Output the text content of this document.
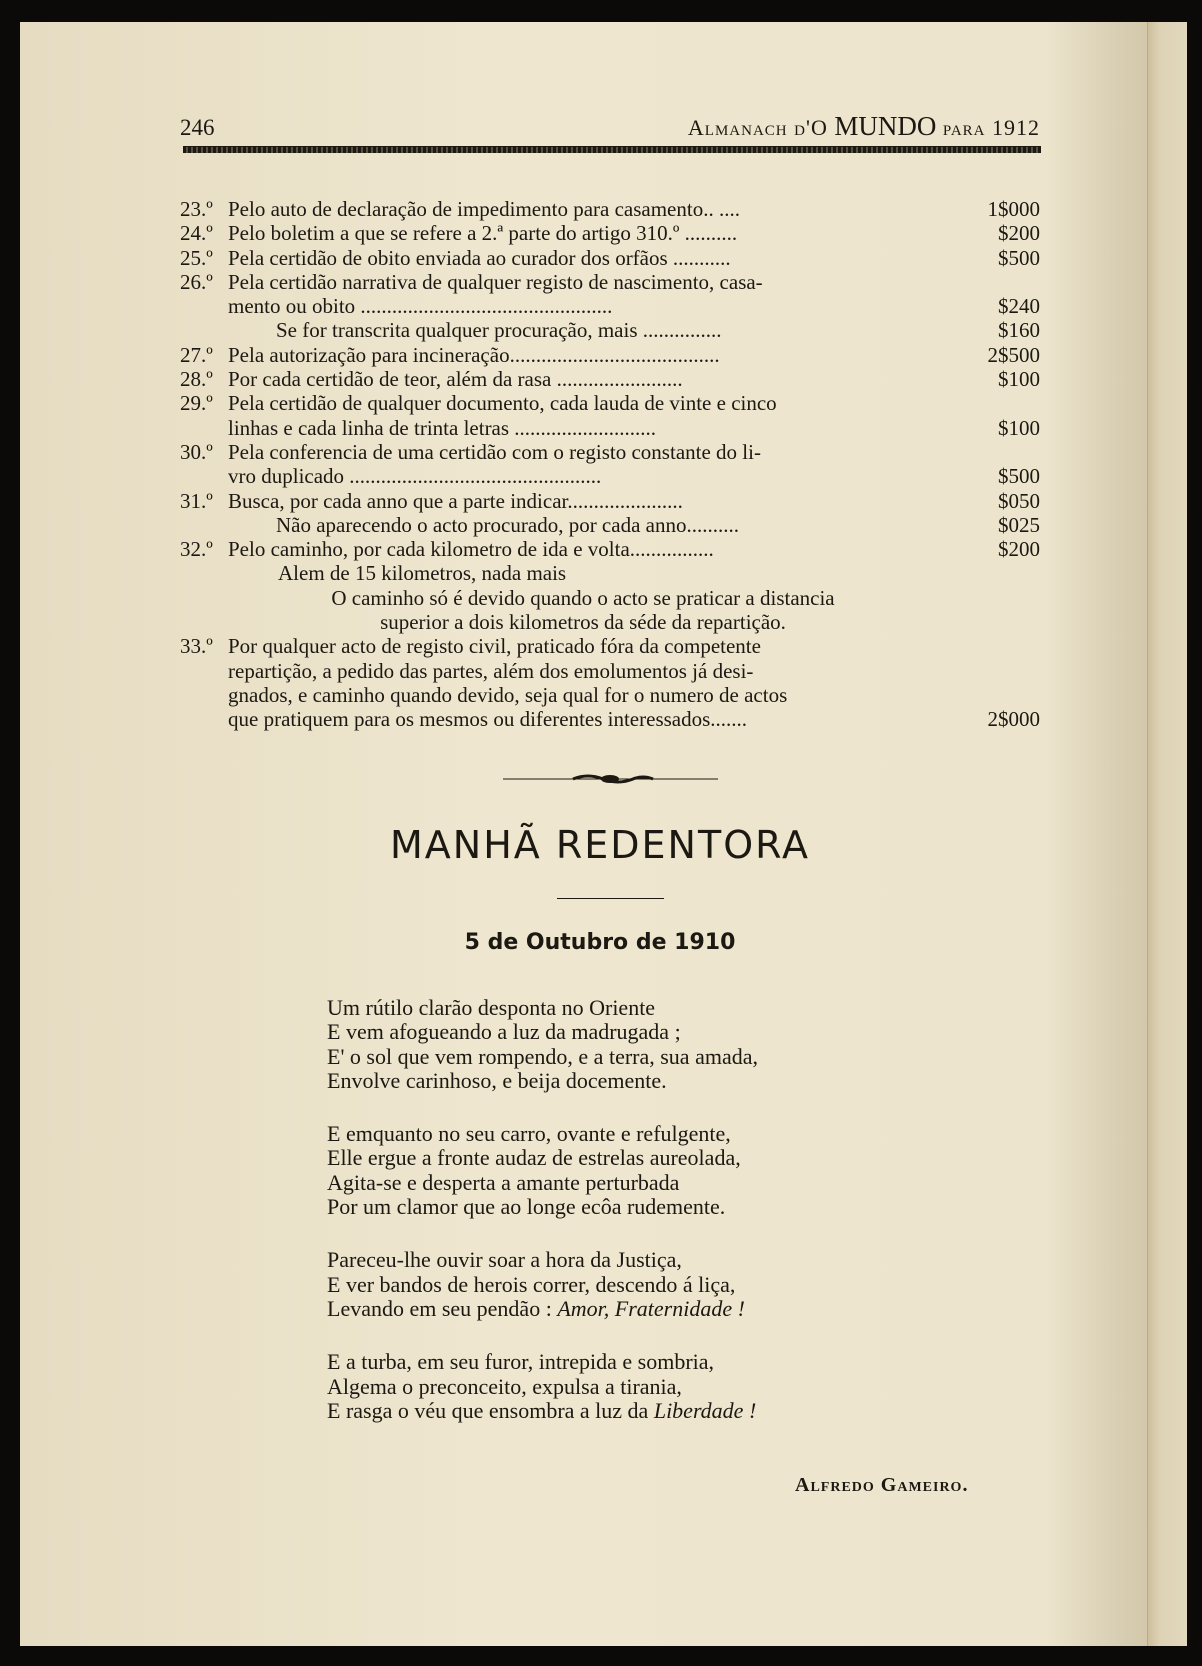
246	Almanach d'O MUNDO para 1912
23.º Pelo auto de declaração de impedimento para casamento.. ....	1$000
24.º Pelo boletim a que se refere a 2.ª parte do artigo 310.º ..........	$200
25.º Pela certidão de obito enviada ao curador dos orfãos ...........	$500
26.º Pela certidão narrativa de qualquer registo de nascimento, casa-
mento ou obito ................................................	$240
Se for transcrita qualquer procuração, mais ...............	$160
27.º Pela autorização para incineração........................................	2$500
28.º Por cada certidão de teor, além da rasa ........................	$100
29.º Pela certidão de qualquer documento, cada lauda de vinte e cinco
linhas e cada linha de trinta letras ...........................	$100
30.º Pela conferencia de uma certidão com o registo constante do li-
vro duplicado ................................................	$500
31.º Busca, por cada anno que a parte indicar......................	$050
Não aparecendo o acto procurado, por cada anno..........	$025
32.º Pelo caminho, por cada kilometro de ida e volta................	$200
Alem de 15 kilometros, nada mais
O caminho só é devido quando o acto se praticar a distancia
superior a dois kilometros da séde da repartição.
33.º Por qualquer acto de registo civil, praticado fóra da competente
repartição, a pedido das partes, além dos emolumentos já desi-
gnados, e caminho quando devido, seja qual for o numero de actos
que pratiquem para os mesmos ou diferentes interessados.......	2$000
MANHÃ REDENTORA
5 de Outubro de 1910
Um rútilo clarão desponta no Oriente
E vem afogueando a luz da madrugada ;
E' o sol que vem rompendo, e a terra, sua amada,
Envolve carinhoso, e beija docemente.
E emquanto no seu carro, ovante e refulgente,
Elle ergue a fronte audaz de estrelas aureolada,
Agita-se e desperta a amante perturbada
Por um clamor que ao longe ecôa rudemente.
Pareceu-lhe ouvir soar a hora da Justiça,
E ver bandos de herois correr, descendo á liça,
Levando em seu pendão : Amor, Fraternidade !
E a turba, em seu furor, intrepida e sombria,
Algema o preconceito, expulsa a tirania,
E rasga o véu que ensombra a luz da Liberdade !
Alfredo Gameiro.
